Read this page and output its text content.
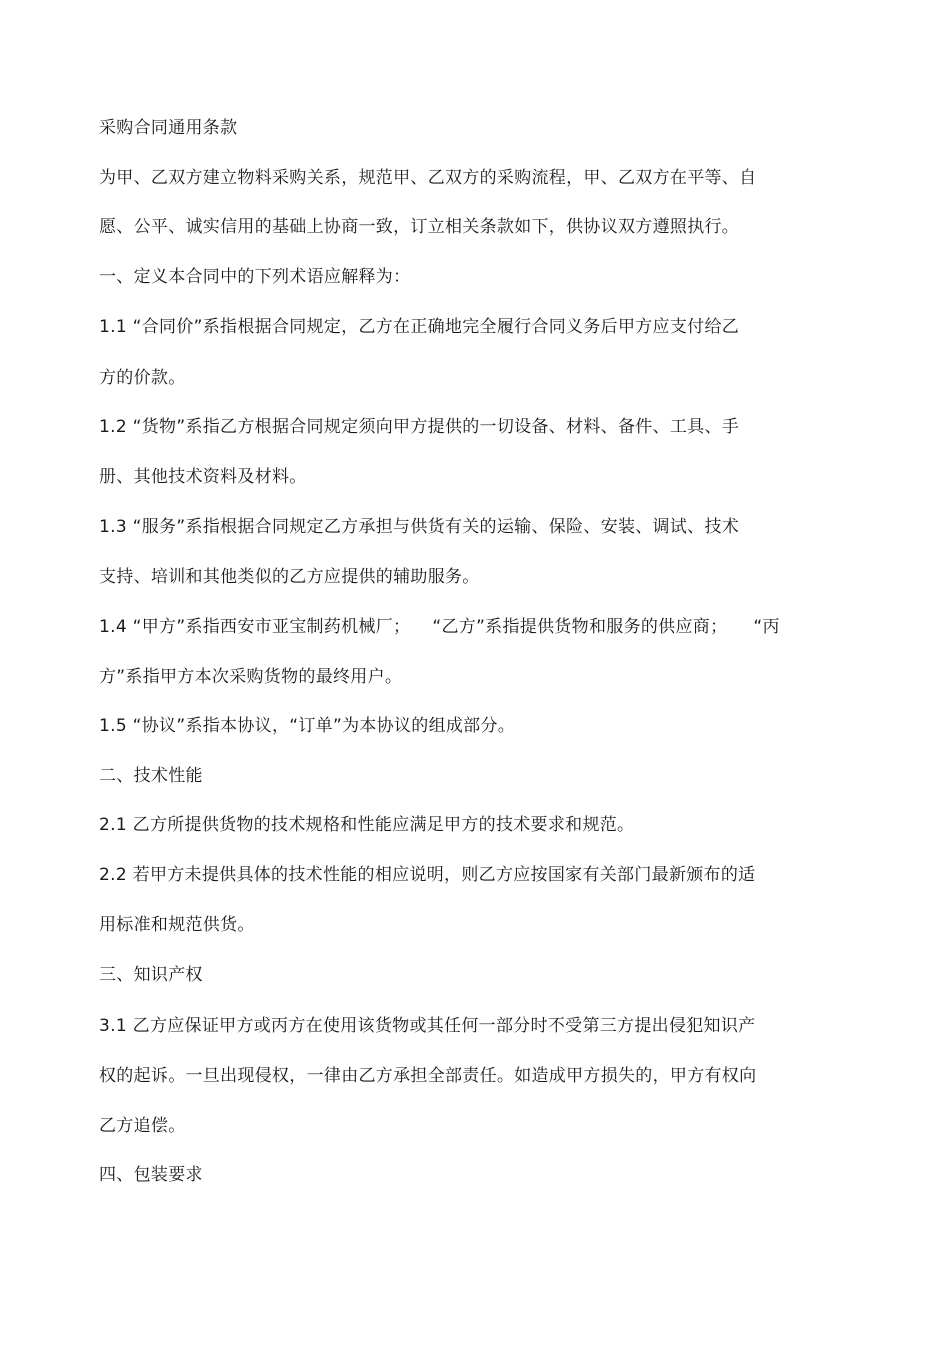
采购合同通用条款
为甲、乙双方建立物料采购关系，规范甲、乙双方的采购流程，甲、乙双方在平等、自
愿、公平、诚实信用的基础上协商一致，订立相关条款如下，供协议双方遵照执行。
一、定义本合同中的下列术语应解释为：
1.1 “合同价”系指根据合同规定，乙方在正确地完全履行合同义务后甲方应支付给乙
方的价款。
1.2 “货物”系指乙方根据合同规定须向甲方提供的一切设备、材料、备件、工具、手
册、其他技术资料及材料。
1.3 “服务”系指根据合同规定乙方承担与供货有关的运输、保险、安装、调试、技术
支持、培训和其他类似的乙方应提供的辅助服务。
1.4 “甲方”系指西安市亚宝制药机械厂； “乙方”系指提供货物和服务的供应商； “丙
方”系指甲方本次采购货物的最终用户。
1.5 “协议”系指本协议，“订单”为本协议的组成部分。
二、技术性能
2.1 乙方所提供货物的技术规格和性能应满足甲方的技术要求和规范。
2.2 若甲方未提供具体的技术性能的相应说明，则乙方应按国家有关部门最新颁布的适
用标准和规范供货。
三、知识产权
3.1 乙方应保证甲方或丙方在使用该货物或其任何一部分时不受第三方提出侵犯知识产
权的起诉。一旦出现侵权，一律由乙方承担全部责任。如造成甲方损失的，甲方有权向
乙方追偿。
四、包装要求
